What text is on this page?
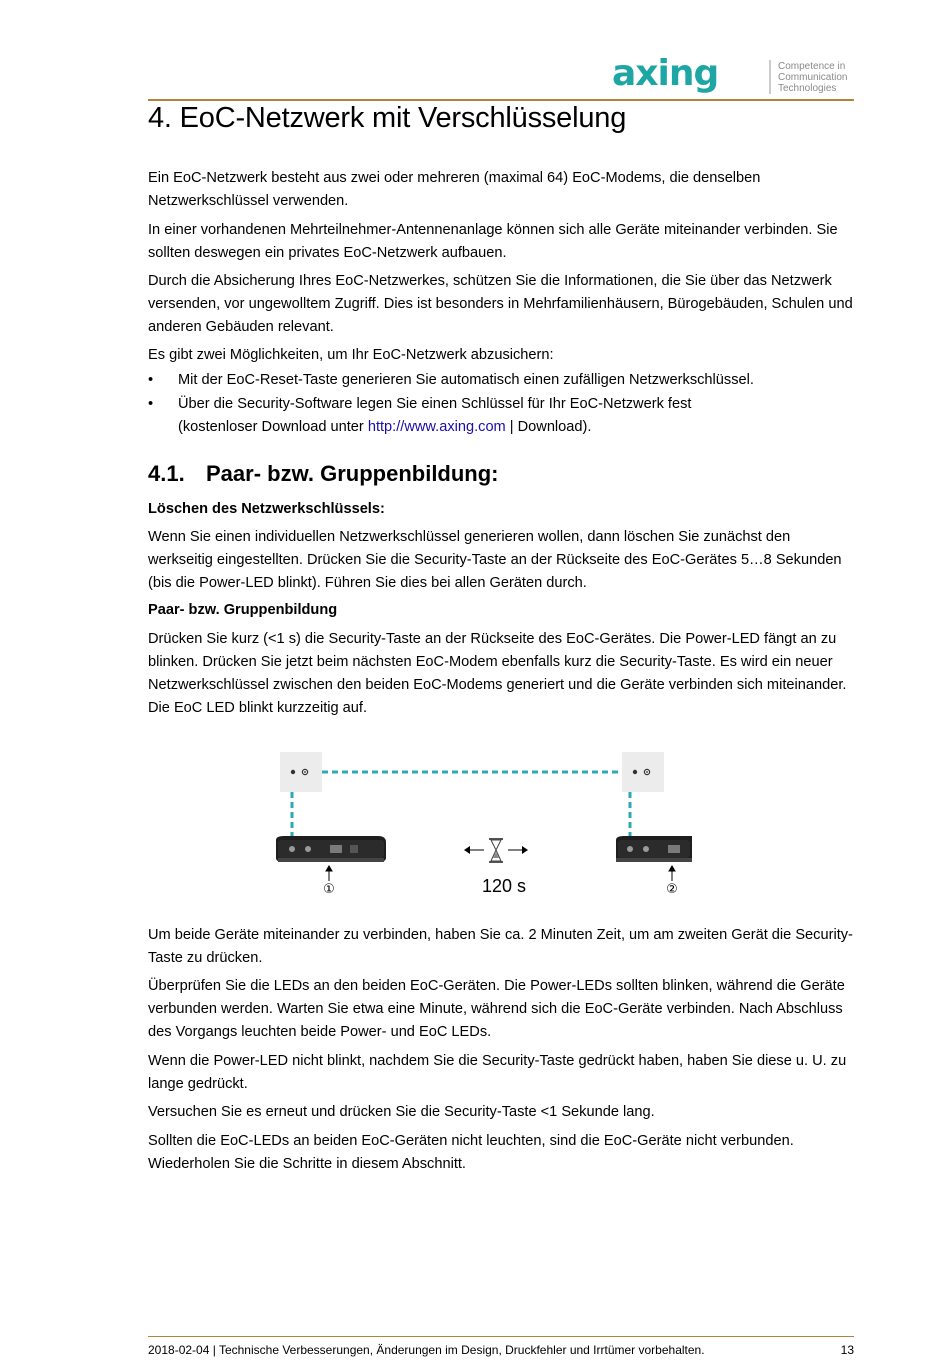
axing	Competence in
Communication
Technologies
4. EoC-Netzwerk mit Verschlüsselung

Ein EoC-Netzwerk besteht aus zwei oder mehreren (maximal 64) EoC-Modems, die denselben Netzwerkschlüssel verwenden.

In einer vorhandenen Mehrteilnehmer-Antennenanlage können sich alle Geräte miteinander verbinden. Sie sollten deswegen ein privates EoC-Netzwerk aufbauen.

Durch die Absicherung Ihres EoC-Netzwerkes, schützen Sie die Informationen, die Sie über das Netzwerk versenden, vor ungewolltem Zugriff. Dies ist besonders in Mehrfamilienhäusern, Bürogebäuden, Schulen und anderen Gebäuden relevant.

Es gibt zwei Möglichkeiten, um Ihr EoC-Netzwerk abzusichern:

• Mit der EoC-Reset-Taste generieren Sie automatisch einen zufälligen Netzwerkschlüssel.
• Über die Security-Software legen Sie einen Schlüssel für Ihr EoC-Netzwerk fest
(kostenloser Download unter http://www.axing.com | Download).
4.1. Paar- bzw. Gruppenbildung:
Löschen des Netzwerkschlüssels:

Wenn Sie einen individuellen Netzwerkschlüssel generieren wollen, dann löschen Sie zunächst den werkseitig eingestellten. Drücken Sie die Security-Taste an der Rückseite des EoC-Gerätes 5…8 Sekunden (bis die Power-LED blinkt). Führen Sie dies bei allen Geräten durch.

Paar- bzw. Gruppenbildung

Drücken Sie kurz (<1 s) die Security-Taste an der Rückseite des EoC-Gerätes. Die Power-LED fängt an zu blinken. Drücken Sie jetzt beim nächsten EoC-Modem ebenfalls kurz die Security-Taste. Es wird ein neuer Netzwerkschlüssel zwischen den beiden EoC-Modems generiert und die Geräte verbinden sich miteinander. Die EoC LED blinkt kurzzeitig auf.

①	②
120 s

Um beide Geräte miteinander zu verbinden, haben Sie ca. 2 Minuten Zeit, um am zweiten Gerät die Security-Taste zu drücken.

Überprüfen Sie die LEDs an den beiden EoC-Geräten. Die Power-LEDs sollten blinken, während die Geräte verbunden werden. Warten Sie etwa eine Minute, während sich die EoC-Geräte verbinden. Nach Abschluss des Vorgangs leuchten beide Power- und EoC LEDs.

Wenn die Power-LED nicht blinkt, nachdem Sie die Security-Taste gedrückt haben, haben Sie diese u. U. zu lange gedrückt.

Versuchen Sie es erneut und drücken Sie die Security-Taste <1 Sekunde lang.

Sollten die EoC-LEDs an beiden EoC-Geräten nicht leuchten, sind die EoC-Geräte nicht verbunden. Wiederholen Sie die Schritte in diesem Abschnitt.

2018-02-04 | Technische Verbesserungen, Änderungen im Design, Druckfehler und Irrtümer vorbehalten.	13
